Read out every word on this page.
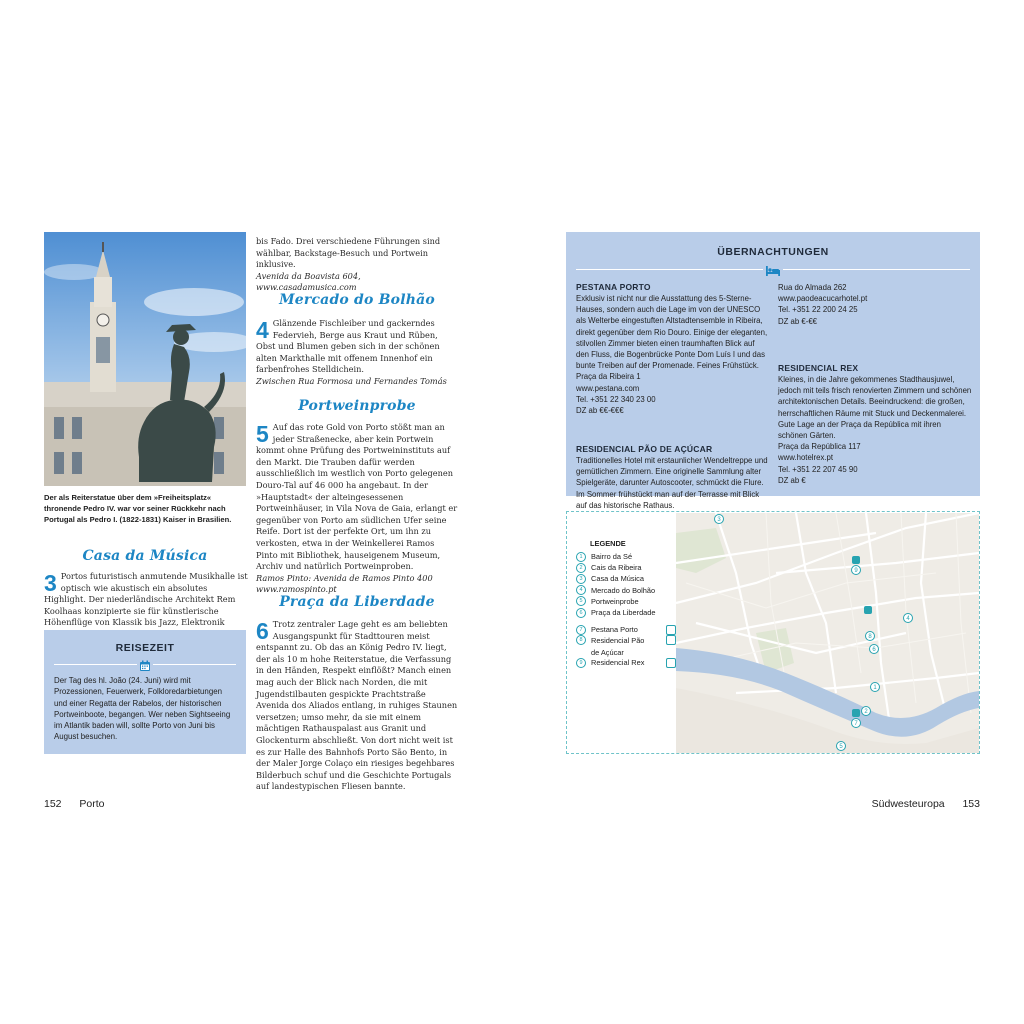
Der als Reiterstatue über dem »Freiheitsplatz« thronende Pedro IV. war vor seiner Rückkehr nach Portugal als Pedro I. (1822-1831) Kaiser in Brasilien.
Casa da Música
3 Portos futuristisch anmutende Musikhalle ist optisch wie akustisch ein absolutes Highlight. Der niederländische Architekt Rem Koolhaas konzipierte sie für künstlerische Höhenflüge von Klassik bis Jazz, Elektronik
REISEZEIT
Der Tag des hl. João (24. Juni) wird mit Prozessionen, Feuerwerk, Folkloredarbietungen und einer Regatta der Rabelos, der historischen Portweinboote, begangen. Wer neben Sightseeing im Atlantik baden will, sollte Porto von Juni bis August besuchen.

bis Fado. Drei verschiedene Führungen sind wählbar, Backstage-Besuch und Portwein inklusive.

Avenida da Boavista 604, www.casadamusica.com

Mercado do Bolhão
4 Glänzende Fischleiber und gackerndes Federvieh, Berge aus Kraut und Rüben, Obst und Blumen geben sich in der schönen alten Markthalle mit offenem Innenhof ein farbenfrohes Stelldichein.
Zwischen Rua Formosa und Fernandes Tomás
Portweinprobe
5 Auf das rote Gold von Porto stößt man an jeder Straßenecke, aber kein Portwein kommt ohne Prüfung des Portweininstituts auf den Markt. Die Trauben dafür werden ausschließlich im westlich von Porto gelegenen Douro-Tal auf 46 000 ha angebaut. In der »Hauptstadt« der alteingesessenen Portweinhäuser, in Vila Nova de Gaia, erlangt er gegenüber von Porto am südlichen Ufer seine Reife. Dort ist der perfekte Ort, um ihn zu verkosten, etwa in der Weinkellerei Ramos Pinto mit Bibliothek, hauseigenem Museum, Archiv und natürlich Portweinproben.
Ramos Pinto: Avenida de Ramos Pinto 400
www.ramospinto.pt
Praça da Liberdade
6 Trotz zentraler Lage geht es am beliebten Ausgangspunkt für Stadttouren meist entspannt zu. Ob das an König Pedro IV. liegt, der als 10 m hohe Reiterstatue, die Verfassung in den Händen, Respekt einflößt? Manch einen mag auch der Blick nach Norden, die mit Jugendstilbauten gespickte Prachtstraße Avenida dos Aliados entlang, in ruhiges Staunen versetzen; umso mehr, da sie mit einem mächtigen Rathauspalast aus Granit und Glockenturm abschließt. Von dort nicht weit ist es zur Halle des Bahnhofs Porto São Bento, in der Maler Jorge Colaço ein riesiges begehbares Bilderbuch schuf und die Geschichte Portugals auf landestypischen Fliesen bannte.
ÜBERNACHTUNGEN
PESTANA PORTO
Exklusiv ist nicht nur die Ausstattung des 5-Sterne-Hauses, sondern auch die Lage im von der UNESCO als Welterbe eingestuften Altstadtensemble in Ribeira, direkt gegenüber dem Rio Douro. Einige der eleganten, stilvollen Zimmer bieten einen traumhaften Blick auf den Fluss, die Bogenbrücke Ponte Dom Luís I und das bunte Treiben auf der Promenade. Feines Frühstück.
Praça da Ribeira 1
www.pestana.com
Tel. +351 22 340 23 00
DZ ab €€-€€€
RESIDENCIAL PÃO DE AÇÚCAR
Traditionelles Hotel mit erstaunlicher Wendeltreppe und gemütlichen Zimmern. Eine originelle Sammlung alter Spielgeräte, darunter Autoscooter, schmückt die Flure. Im Sommer frühstückt man auf der Terrasse mit Blick auf das historische Rathaus.
Rua do Almada 262
www.paodeacucarhotel.pt
Tel. +351 22 200 24 25
DZ ab €-€€
RESIDENCIAL REX
Kleines, in die Jahre gekommenes Stadthausjuwel, jedoch mit teils frisch renovierten Zimmern und schönen architektonischen Details. Beeindruckend: die großen, herrschaftlichen Räume mit Stuck und Deckenmalerei. Gute Lage an der Praça da República mit ihren schönen Gärten.
Praça da República 117
www.hotelrex.pt
Tel. +351 22 207 45 90
DZ ab €
LEGENDE
1	Bairro da Sé
2	Cais da Ribeira
3	Casa da Música
4	Mercado do Bolhão
5	Portweinprobe
6	Praça da Liberdade
7	Pestana Porto
8	Residencial Pão
de Açúcar
9	Residencial Rex
3
4
6
1
2
5
7
8
9
152 Porto	Südwesteuropa 153
